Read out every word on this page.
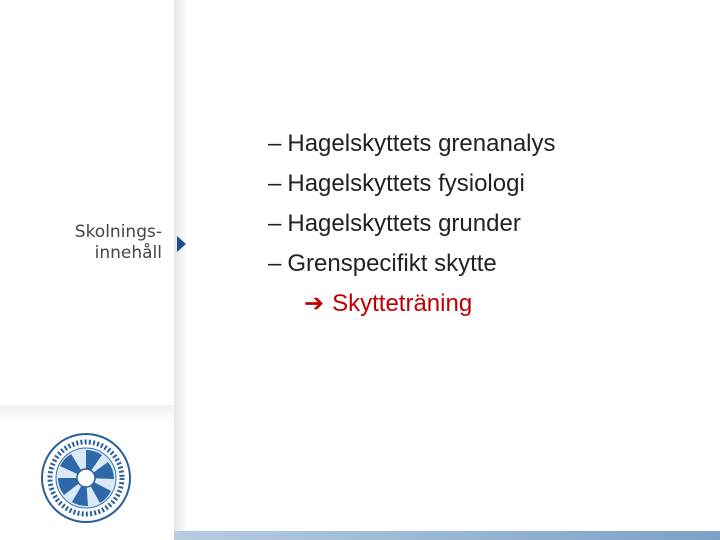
Skolnings-
innehåll
– Hagelskyttets grenanalys
– Hagelskyttets fysiologi
– Hagelskyttets grunder
– Grenspecifikt skytte
➔ Skytteträning
